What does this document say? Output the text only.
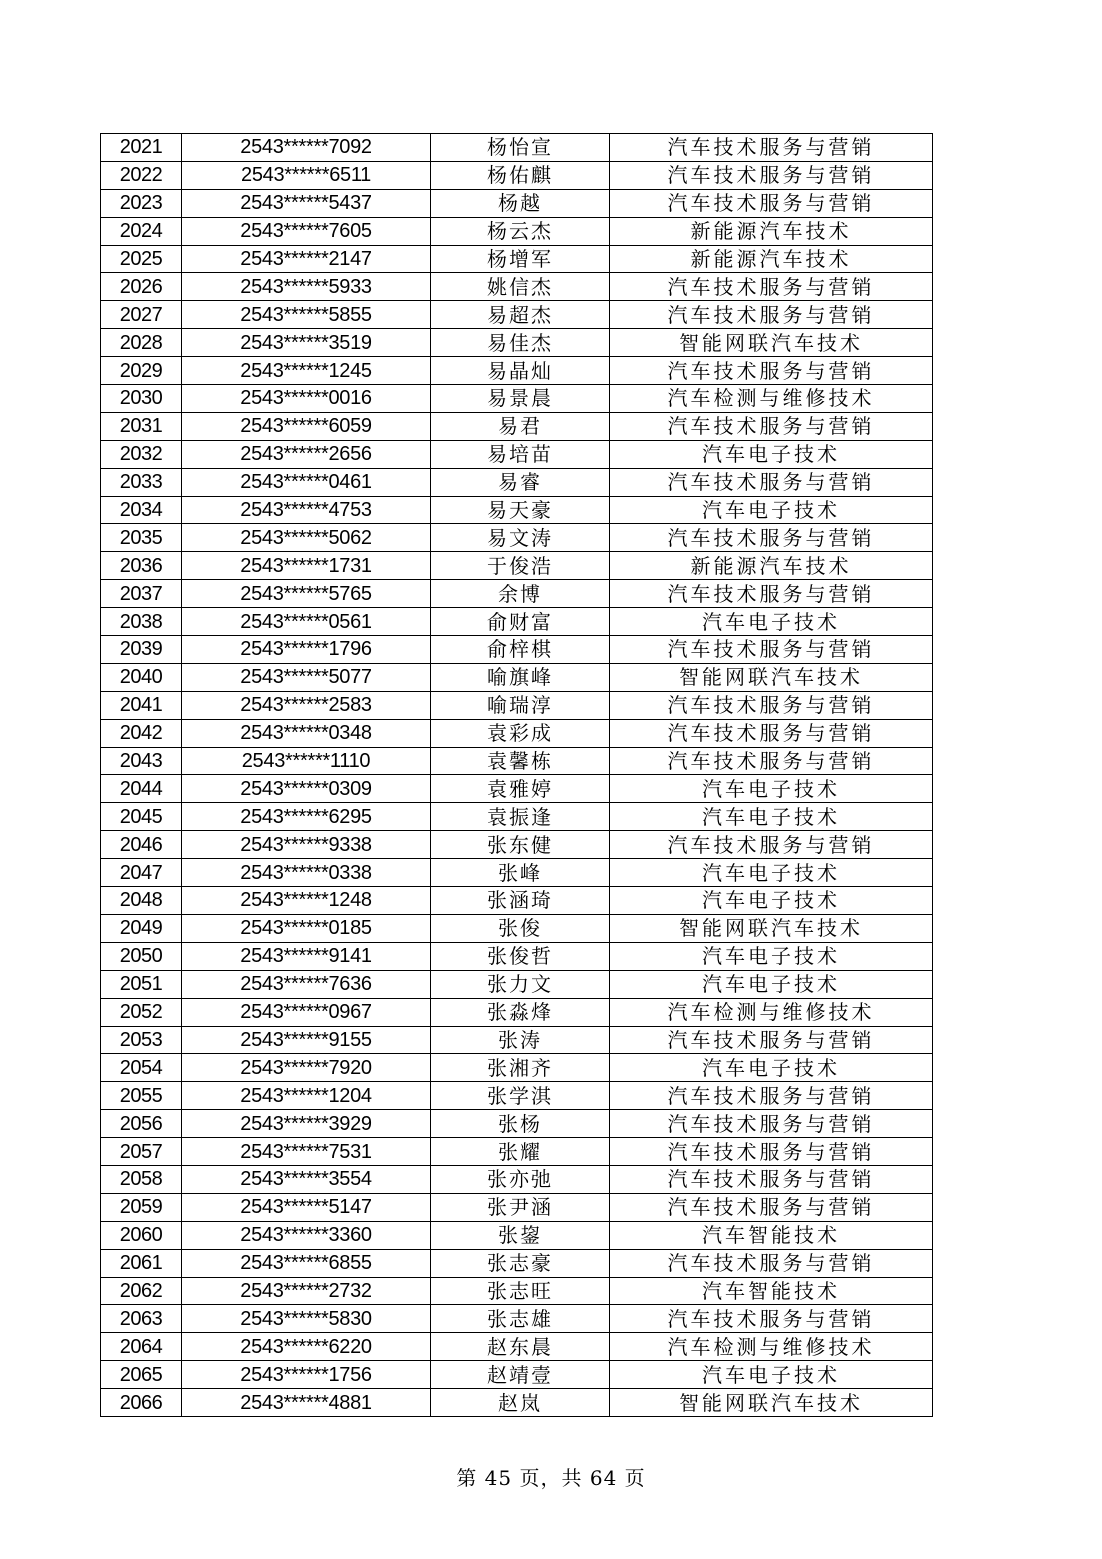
2021	2543******7092	杨怡宣	汽车技术服务与营销
2022	2543******6511	杨佑麒	汽车技术服务与营销
2023	2543******5437	杨越	汽车技术服务与营销
2024	2543******7605	杨云杰	新能源汽车技术
2025	2543******2147	杨增军	新能源汽车技术
2026	2543******5933	姚信杰	汽车技术服务与营销
2027	2543******5855	易超杰	汽车技术服务与营销
2028	2543******3519	易佳杰	智能网联汽车技术
2029	2543******1245	易晶灿	汽车技术服务与营销
2030	2543******0016	易景晨	汽车检测与维修技术
2031	2543******6059	易君	汽车技术服务与营销
2032	2543******2656	易培苗	汽车电子技术
2033	2543******0461	易睿	汽车技术服务与营销
2034	2543******4753	易天豪	汽车电子技术
2035	2543******5062	易文涛	汽车技术服务与营销
2036	2543******1731	于俊浩	新能源汽车技术
2037	2543******5765	余博	汽车技术服务与营销
2038	2543******0561	俞财富	汽车电子技术
2039	2543******1796	俞梓棋	汽车技术服务与营销
2040	2543******5077	喻旗峰	智能网联汽车技术
2041	2543******2583	喻瑞淳	汽车技术服务与营销
2042	2543******0348	袁彩成	汽车技术服务与营销
2043	2543******1110	袁馨栋	汽车技术服务与营销
2044	2543******0309	袁雅婷	汽车电子技术
2045	2543******6295	袁振逢	汽车电子技术
2046	2543******9338	张东健	汽车技术服务与营销
2047	2543******0338	张峰	汽车电子技术
2048	2543******1248	张涵琦	汽车电子技术
2049	2543******0185	张俊	智能网联汽车技术
2050	2543******9141	张俊哲	汽车电子技术
2051	2543******7636	张力文	汽车电子技术
2052	2543******0967	张淼烽	汽车检测与维修技术
2053	2543******9155	张涛	汽车技术服务与营销
2054	2543******7920	张湘齐	汽车电子技术
2055	2543******1204	张学淇	汽车技术服务与营销
2056	2543******3929	张杨	汽车技术服务与营销
2057	2543******7531	张耀	汽车技术服务与营销
2058	2543******3554	张亦弛	汽车技术服务与营销
2059	2543******5147	张尹涵	汽车技术服务与营销
2060	2543******3360	张鋆	汽车智能技术
2061	2543******6855	张志豪	汽车技术服务与营销
2062	2543******2732	张志旺	汽车智能技术
2063	2543******5830	张志雄	汽车技术服务与营销
2064	2543******6220	赵东晨	汽车检测与维修技术
2065	2543******1756	赵靖壹	汽车电子技术
2066	2543******4881	赵岚	智能网联汽车技术
第 45 页，共 64 页
